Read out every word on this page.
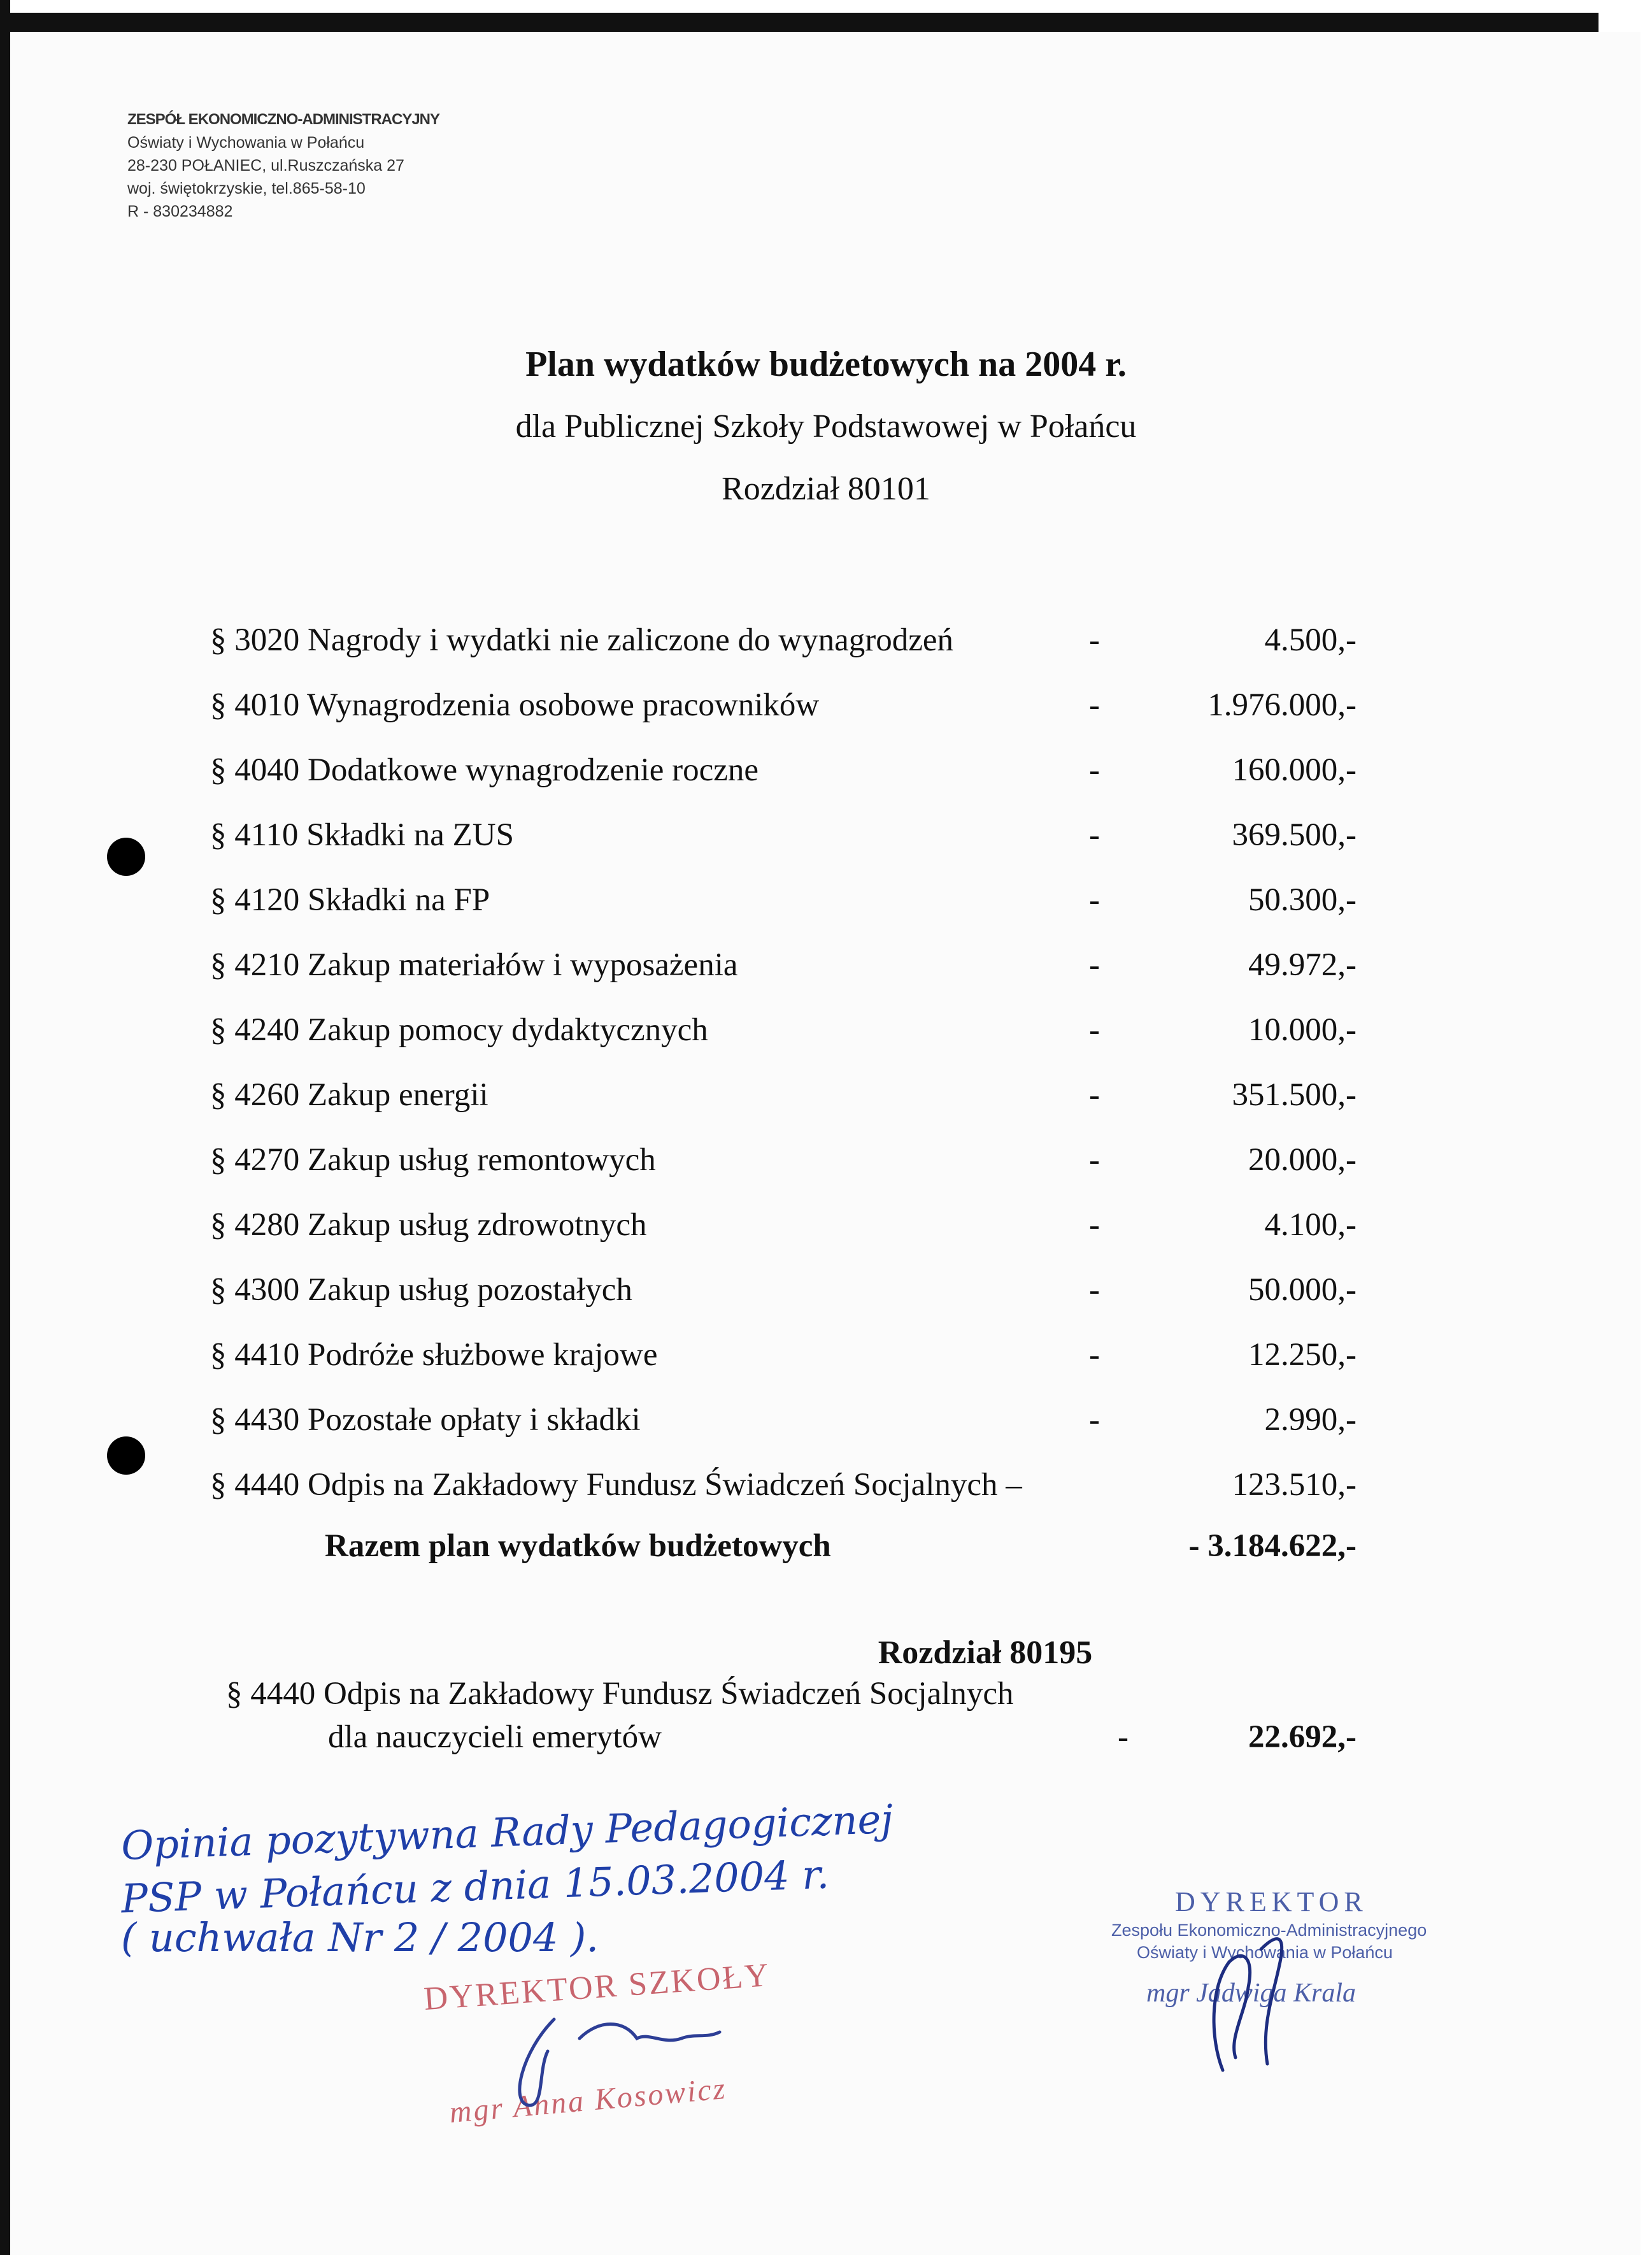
ZESPÓŁ EKONOMICZNO-ADMINISTRACYJNY
Oświaty i Wychowania w Połańcu
28-230 POŁANIEC, ul.Ruszczańska 27
woj. świętokrzyskie, tel.865-58-10
R - 830234882
Plan wydatków budżetowych na 2004 r.
dla Publicznej Szkoły Podstawowej w Połańcu
Rozdział 80101
§ 3020 Nagrody i wydatki nie zaliczone do wynagrodzeń	-	4.500,-
§ 4010 Wynagrodzenia osobowe pracowników	-	1.976.000,-
§ 4040 Dodatkowe wynagrodzenie roczne	-	160.000,-
§ 4110 Składki na ZUS	-	369.500,-
§ 4120 Składki na FP	-	50.300,-
§ 4210 Zakup materiałów i wyposażenia	-	49.972,-
§ 4240 Zakup pomocy dydaktycznych	-	10.000,-
§ 4260 Zakup energii	-	351.500,-
§ 4270 Zakup usług remontowych	-	20.000,-
§ 4280 Zakup usług zdrowotnych	-	4.100,-
§ 4300 Zakup usług pozostałych	-	50.000,-
§ 4410 Podróże służbowe krajowe	-	12.250,-
§ 4430 Pozostałe opłaty i składki	-	2.990,-
§ 4440 Odpis na Zakładowy Fundusz Świadczeń Socjalnych –	123.510,-
Razem plan wydatków budżetowych	- 3.184.622,-
Rozdział 80195
§ 4440 Odpis na Zakładowy Fundusz Świadczeń Socjalnych
dla nauczycieli emerytów	-	22.692,-
Opinia pozytywna Rady Pedagogicznej
PSP w Połańcu z dnia 15.03.2004 r.
( uchwała Nr 2 / 2004 ).
DYREKTOR SZKOŁY
mgr Anna Kosowicz
DYREKTOR
Zespołu Ekonomiczno-Administracyjnego
Oświaty i Wychowania w Połańcu
mgr Jadwiga Krala
